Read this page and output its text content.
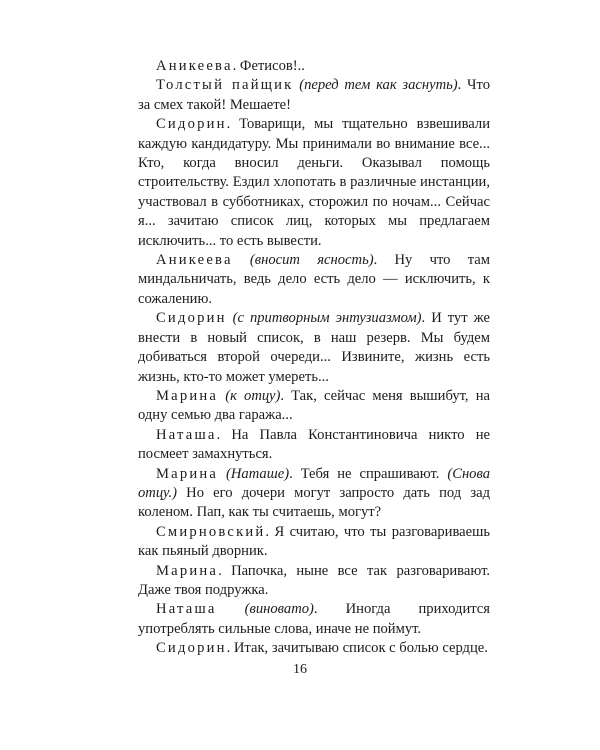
Аникеева. Фетисов!..

Толстый пайщик (перед тем как заснуть). Что за смех такой! Мешаете!

Сидорин. Товарищи, мы тщательно взвешивали каждую кандидатуру. Мы принимали во внимание все... Кто, когда вносил деньги. Оказывал помощь строительству. Ездил хлопотать в различные инстанции, участвовал в субботниках, сторожил по ночам... Сейчас я... зачитаю список лиц, которых мы предлагаем исключить... то есть вывести.

Аникеева (вносит ясность). Ну что там миндальничать, ведь дело есть дело — исключить, к сожалению.

Сидорин (с притворным энтузиазмом). И тут же внести в новый список, в наш резерв. Мы будем добиваться второй очереди... Извините, жизнь есть жизнь, кто-то может умереть...

Марина (к отцу). Так, сейчас меня вышибут, на одну семью два гаража...

Наташа. На Павла Константиновича никто не посмеет замахнуться.

Марина (Наташе). Тебя не спрашивают. (Снова отцу.) Но его дочери могут запросто дать под зад коленом. Пап, как ты считаешь, могут?

Смирновский. Я считаю, что ты разговариваешь как пьяный дворник.

Марина. Папочка, ныне все так разговаривают. Даже твоя подружка.

Наташа (виновато). Иногда приходится употреблять сильные слова, иначе не поймут.

Сидорин. Итак, зачитываю список с болью сердце.

16
